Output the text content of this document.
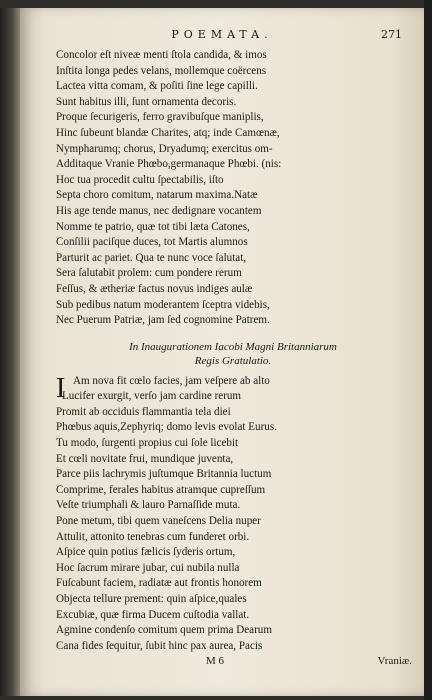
POEMATA.	271
Concolor eſt niveæ menti ſtola candida, & imos
Inſtita longa pedes velans, mollemque coërcens
Lactea vitta comam, & poſiti ſine lege capilli.
Sunt habitus illi, ſunt ornamenta decoris.
Proque ſecurigeris, ferro gravibuſque maniplis,
Hinc ſubeunt blandæ Charites, atq; inde Camœnæ,
Nympharumq; chorus, Dryadumq; exercitus om-
Additaque Vranie Phœbo,germanaque Phœbi. (nis:
Hoc tua procedit cultu ſpectabilis, iſto
Septa choro comitum, natarum maxima.Natæ
His age tende manus, nec dedignare vocantem
Nomme te patrio, quæ tot tibi læta Catones,
Conſilii paciſque duces, tot Martis alumnos
Parturit ac pariet. Qua te nunc voce ſalutat,
Sera ſalutabit prolem: cum pondere rerum
Feſſus, & ætheriæ factus novus indiges aulæ
Sub pedibus natum moderantem ſceptra videbis,
Nec Puerum Patriæ, jam ſed cognomine Patrem.
In Inaugurationem Iacobi Magni Britanniarum
Regis Gratulatio.
I Am nova fit cœlo facies, jam veſpere ab alto
Lucifer exurgit, verſo jam cardine rerum
Promit ab occiduis flammantia tela diei
Phœbus aquis,Zephyriq; domo levis evolat Eurus.
Tu modo, ſurgenti propius cui ſole licebit
Et cœli novitate frui, mundique juventa,
Parce piis lachrymis juſtumque Britannia luctum
Comprime, ferales habitus atramque cupreſſum
Veſte triumphali & lauro Parnaſſide muta.
Pone metum, tibi quem vaneſcens Delia nuper
Attulit, attonito tenebras cum funderet orbi.
Aſpice quin potius fælicis ſyderis ortum,
Hoc ſacrum mirare jubar, cui nubila nulla
Fuſcabunt faciem, radiatæ aut frontis honorem
Objecta tellure prement: quin aſpice,quales
Excubiæ, quæ firma Ducem cuſtodia vallat.
Agmine condenſo comitum quem prima Dearum
Cana fides ſequitur, ſubit hinc pax aurea, Pacis
M 6	Vraniæ.
